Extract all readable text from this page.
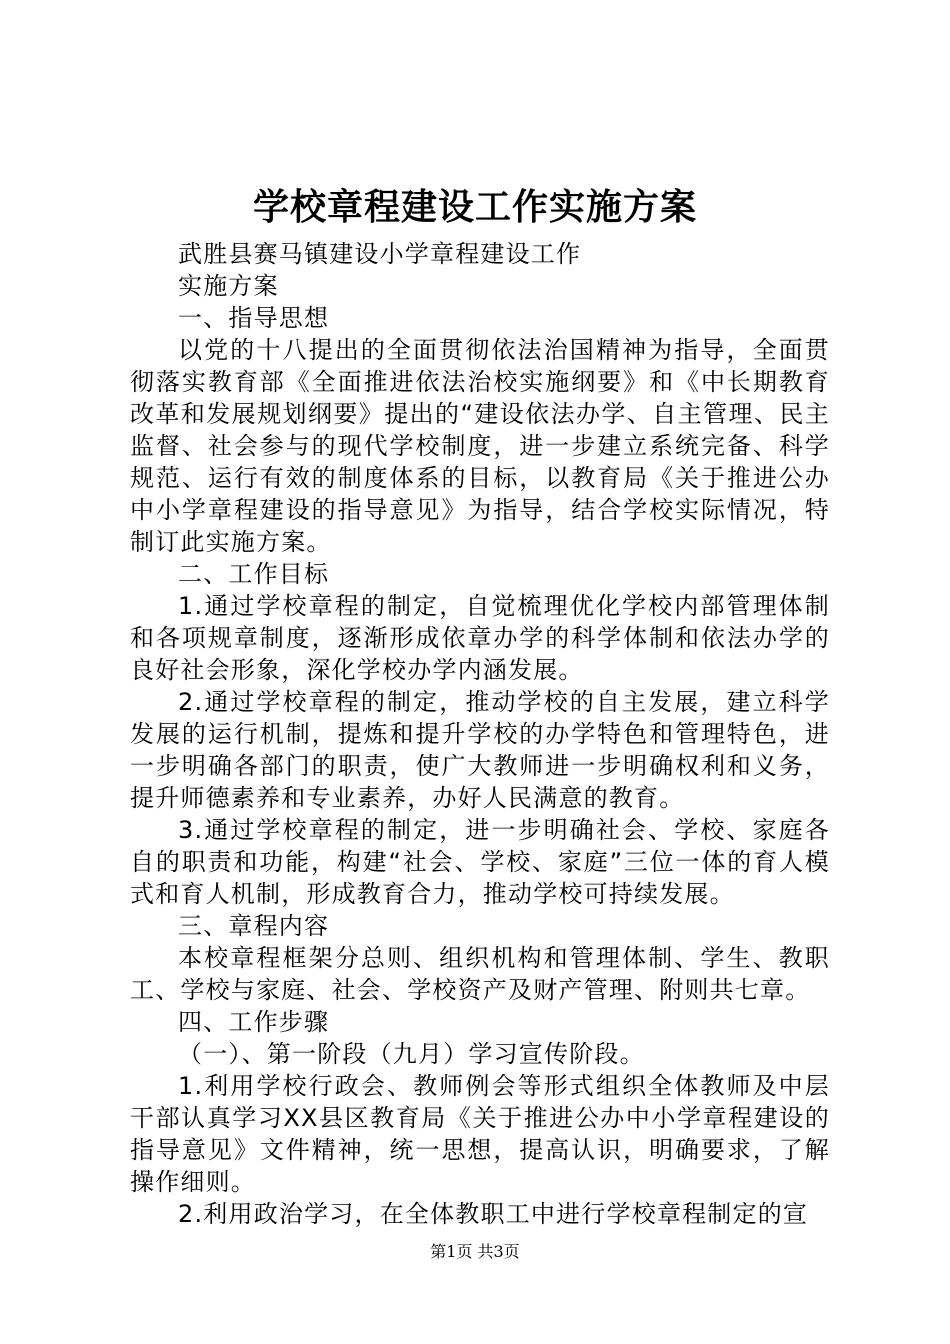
学校章程建设工作实施方案

武胜县赛马镇建设小学章程建设工作

实施方案

一、指导思想

以党的十八提出的全面贯彻依法治国精神为指导，全面贯彻落实教育部《全面推进依法治校实施纲要》和《中长期教育改革和发展规划纲要》提出的“建设依法办学、自主管理、民主监督、社会参与的现代学校制度，进一步建立系统完备、科学规范、运行有效的制度体系的目标，以教育局《关于推进公办中小学章程建设的指导意见》为指导，结合学校实际情况，特制订此实施方案。

二、工作目标

1.通过学校章程的制定，自觉梳理优化学校内部管理体制和各项规章制度，逐渐形成依章办学的科学体制和依法办学的良好社会形象，深化学校办学内涵发展。

2.通过学校章程的制定，推动学校的自主发展，建立科学发展的运行机制，提炼和提升学校的办学特色和管理特色，进一步明确各部门的职责，使广大教师进一步明确权利和义务，提升师德素养和专业素养，办好人民满意的教育。

3.通过学校章程的制定，进一步明确社会、学校、家庭各自的职责和功能，构建“社会、学校、家庭”三位一体的育人模式和育人机制，形成教育合力，推动学校可持续发展。

三、章程内容

本校章程框架分总则、组织机构和管理体制、学生、教职工、学校与家庭、社会、学校资产及财产管理、附则共七章。

四、工作步骤

（一）、第一阶段（九月）学习宣传阶段。

1.利用学校行政会、教师例会等形式组织全体教师及中层干部认真学习XX县区教育局《关于推进公办中小学章程建设的指导意见》文件精神，统一思想，提高认识，明确要求，了解操作细则。

2.利用政治学习，在全体教职工中进行学校章程制定的宣

第1页 共3页
